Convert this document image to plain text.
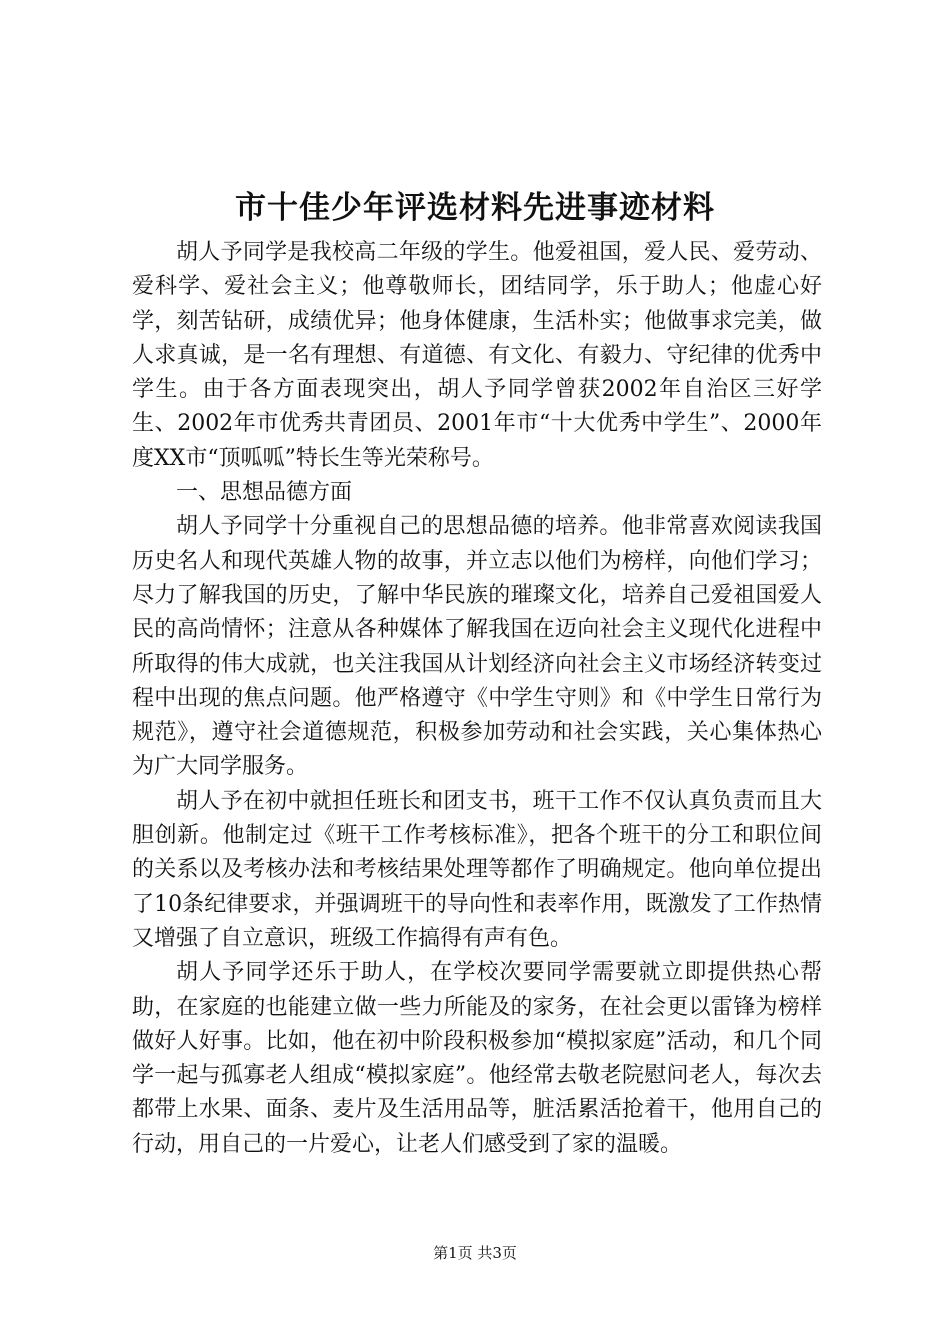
市十佳少年评选材料先进事迹材料

胡人予同学是我校高二年级的学生。他爱祖国，爱人民、爱劳动、爱科学、爱社会主义；他尊敬师长，团结同学，乐于助人；他虚心好学，刻苦钻研，成绩优异；他身体健康，生活朴实；他做事求完美，做人求真诚，是一名有理想、有道德、有文化、有毅力、守纪律的优秀中学生。由于各方面表现突出，胡人予同学曾获2002年自治区三好学生、2002年市优秀共青团员、2001年市“十大优秀中学生”、2000年度XX市“顶呱呱”特长生等光荣称号。

一、思想品德方面

胡人予同学十分重视自己的思想品德的培养。他非常喜欢阅读我国历史名人和现代英雄人物的故事，并立志以他们为榜样，向他们学习；尽力了解我国的历史，了解中华民族的璀璨文化，培养自己爱祖国爱人民的高尚情怀；注意从各种媒体了解我国在迈向社会主义现代化进程中所取得的伟大成就，也关注我国从计划经济向社会主义市场经济转变过程中出现的焦点问题。他严格遵守《中学生守则》和《中学生日常行为规范》，遵守社会道德规范，积极参加劳动和社会实践，关心集体热心为广大同学服务。

胡人予在初中就担任班长和团支书，班干工作不仅认真负责而且大胆创新。他制定过《班干工作考核标准》，把各个班干的分工和职位间的关系以及考核办法和考核结果处理等都作了明确规定。他向单位提出了10条纪律要求，并强调班干的导向性和表率作用，既激发了工作热情又增强了自立意识，班级工作搞得有声有色。

胡人予同学还乐于助人，在学校次要同学需要就立即提供热心帮助，在家庭的也能建立做一些力所能及的家务，在社会更以雷锋为榜样做好人好事。比如，他在初中阶段积极参加“模拟家庭”活动，和几个同学一起与孤寡老人组成“模拟家庭”。他经常去敬老院慰问老人，每次去都带上水果、面条、麦片及生活用品等，脏活累活抢着干，他用自己的行动，用自己的一片爱心，让老人们感受到了家的温暖。

第1页 共3页
